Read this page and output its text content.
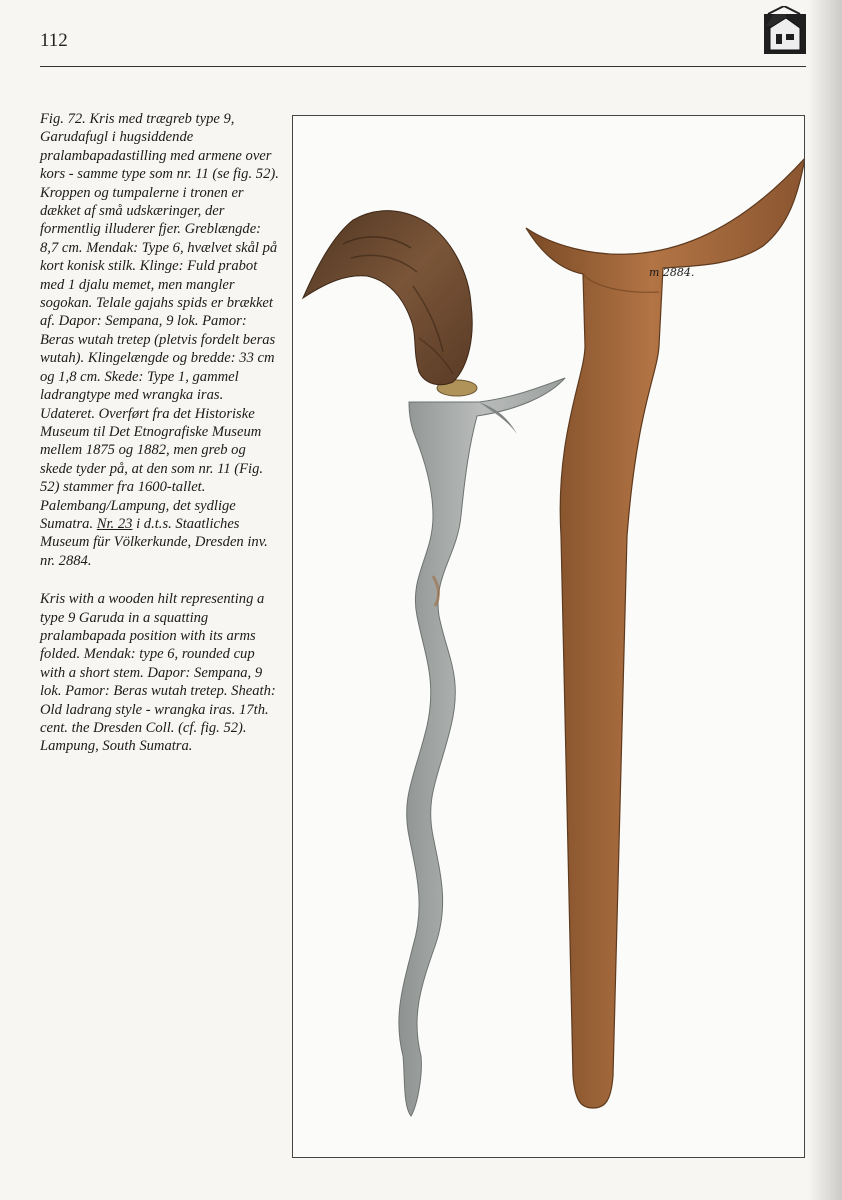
112

Fig. 72. Kris med trægreb type 9, Garudafugl i hugsiddende pralambapadastilling med armene over kors - samme type som nr. 11 (se fig. 52). Kroppen og tumpalerne i tronen er dækket af små udskæringer, der formentlig illuderer fjer. Greblængde: 8,7 cm. Mendak: Type 6, hvælvet skål på kort konisk stilk. Klinge: Fuld prabot med 1 djalu memet, men mangler sogokan. Telale gajahs spids er brækket af. Dapor: Sempana, 9 lok. Pamor: Beras wutah tretep (pletvis fordelt beras wutah). Klingelængde og bredde: 33 cm og 1,8 cm. Skede: Type 1, gammel ladrangtype med wrangka iras. Udateret. Overført fra det Historiske Museum til Det Etnografiske Museum mellem 1875 og 1882, men greb og skede tyder på, at den som nr. 11 (Fig. 52) stammer fra 1600-tallet. Palembang/Lampung, det sydlige Sumatra. Nr. 23 i d.t.s. Staatliches Museum für Völkerkunde, Dresden inv. nr. 2884.

Kris with a wooden hilt representing a type 9 Garuda in a squatting pralambapada position with its arms folded. Mendak: type 6, rounded cup with a short stem. Dapor: Sempana, 9 lok. Pamor: Beras wutah tretep. Sheath: Old ladrang style - wrangka iras. 17th. cent. the Dresden Coll. (cf. fig. 52). Lampung, South Sumatra.

m 2884.
